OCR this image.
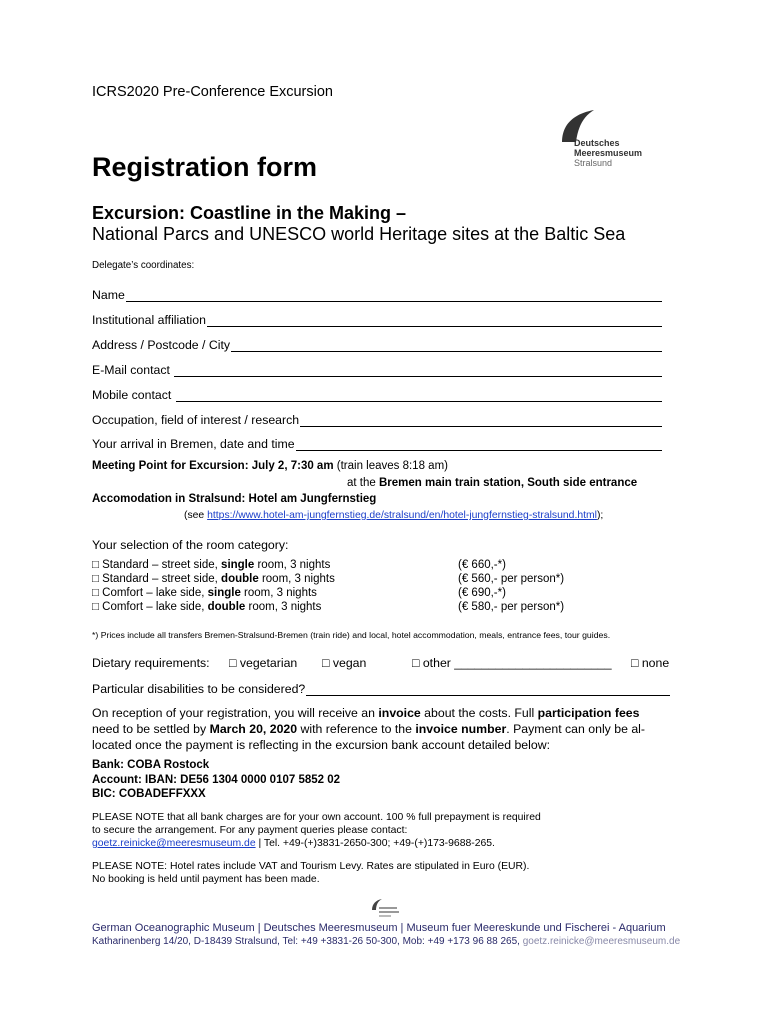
ICRS2020 Pre-Conference Excursion
Deutsches
Meeresmuseum
Stralsund
Registration form
Excursion: Coastline in the Making –
National Parcs and UNESCO world Heritage sites at the Baltic Sea
Delegate’s coordinates:
Name
Institutional affiliation
Address / Postcode / City
E-Mail contact
Mobile contact
Occupation, field of interest / research
Your arrival in Bremen, date and time
Meeting Point for Excursion: July 2, 7:30 am (train leaves 8:18 am)
at the Bremen main train station, South side entrance
Accomodation in Stralsund: Hotel am Jungfernstieg
(see https://www.hotel-am-jungfernstieg.de/stralsund/en/hotel-jungfernstieg-stralsund.html);
Your selection of the room category:
□ Standard – street side, single room, 3 nights	(€ 660,-*)
□ Standard – street side, double room, 3 nights	(€ 560,- per person*)
□ Comfort – lake side, single room, 3 nights	(€ 690,-*)
□ Comfort – lake side, double room, 3 nights	(€ 580,- per person*)
*) Prices include all transfers Bremen-Stralsund-Bremen (train ride) and local, hotel accommodation, meals, entrance fees, tour guides.
Dietary requirements: □ vegetarian □ vegan	□ other _______________________ □ none
Particular disabilities to be considered?
On reception of your registration, you will receive an invoice about the costs. Full participation fees
need to be settled by March 20, 2020 with reference to the invoice number. Payment can only be al-
located once the payment is reflecting in the excursion bank account detailed below:
Bank: COBA Rostock
Account: IBAN: DE56 1304 0000 0107 5852 02
BIC: COBADEFFXXX
PLEASE NOTE that all bank charges are for your own account. 100 % full prepayment is required
to secure the arrangement. For any payment queries please contact:
goetz.reinicke@meeresmuseum.de | Tel. +49-(+)3831-2650-300; +49-(+)173-9688-265.
PLEASE NOTE: Hotel rates include VAT and Tourism Levy. Rates are stipulated in Euro (EUR).
No booking is held until payment has been made.
German Oceanographic Museum | Deutsches Meeresmuseum | Museum fuer Meereskunde und Fischerei - Aquarium
Katharinenberg 14/20, D-18439 Stralsund, Tel: +49 +3831-26 50-300, Mob: +49 +173 96 88 265, goetz.reinicke@meeresmuseum.de
